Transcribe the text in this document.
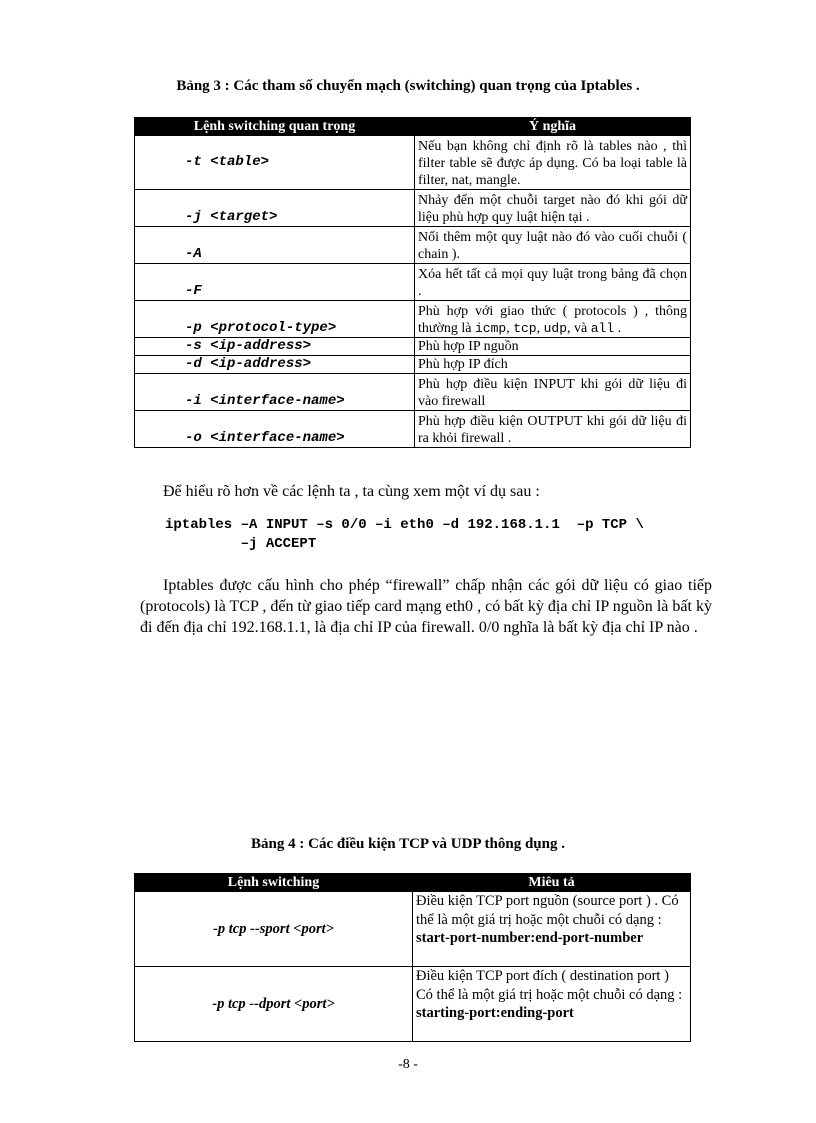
Bảng 3 : Các tham số chuyển mạch (switching) quan trọng của Iptables .
Lệnh switching quan trọng	Ý nghĩa
-t <table>	Nếu bạn không chỉ định rõ là tables nào , thì filter table sẽ được áp dụng. Có ba loại table là filter, nat, mangle.
-j <target>	Nhảy đến một chuỗi target nào đó khi gói dữ liệu phù hợp quy luật hiện tại .
-A	Nối thêm một quy luật nào đó vào cuối chuỗi ( chain ).
-F	Xóa hết tất cả mọi quy luật trong bảng đã chọn .
-p <protocol-type>	Phù hợp với giao thức ( protocols ) , thông thường là icmp, tcp, udp, và all .
-s <ip-address>	Phù hợp IP nguồn
-d <ip-address>	Phù hợp IP đích
-i <interface-name>	Phù hợp điều kiện INPUT khi gói dữ liệu đi vào firewall
-o <interface-name>	Phù hợp điều kiện OUTPUT khi gói dữ liệu đi ra khỏi firewall .
Để hiểu rõ hơn về các lệnh ta , ta cùng xem một ví dụ sau :
iptables –A INPUT –s 0/0 –i eth0 –d 192.168.1.1  –p TCP \
–j ACCEPT
Iptables được cấu hình cho phép “firewall” chấp nhận các gói dữ liệu có giao tiếp (protocols) là TCP , đến từ giao tiếp card mạng eth0 , có bất kỳ địa chỉ IP nguồn là bất kỳ đi đến địa chỉ 192.168.1.1, là địa chỉ IP của firewall. 0/0 nghĩa là bất kỳ địa chỉ IP nào .
Bảng 4 : Các điều kiện TCP và UDP thông dụng .
Lệnh switching	Miêu tả
-p tcp --sport <port>	Điều kiện TCP port nguồn (source port ) . Có thể là một giá trị hoặc một chuỗi có dạng :
start-port-number:end-port-number
-p tcp --dport <port>	Điều kiện TCP port đích ( destination port ) Có thể là một giá trị hoặc một chuỗi có dạng :
starting-port:ending-port
-8 -
